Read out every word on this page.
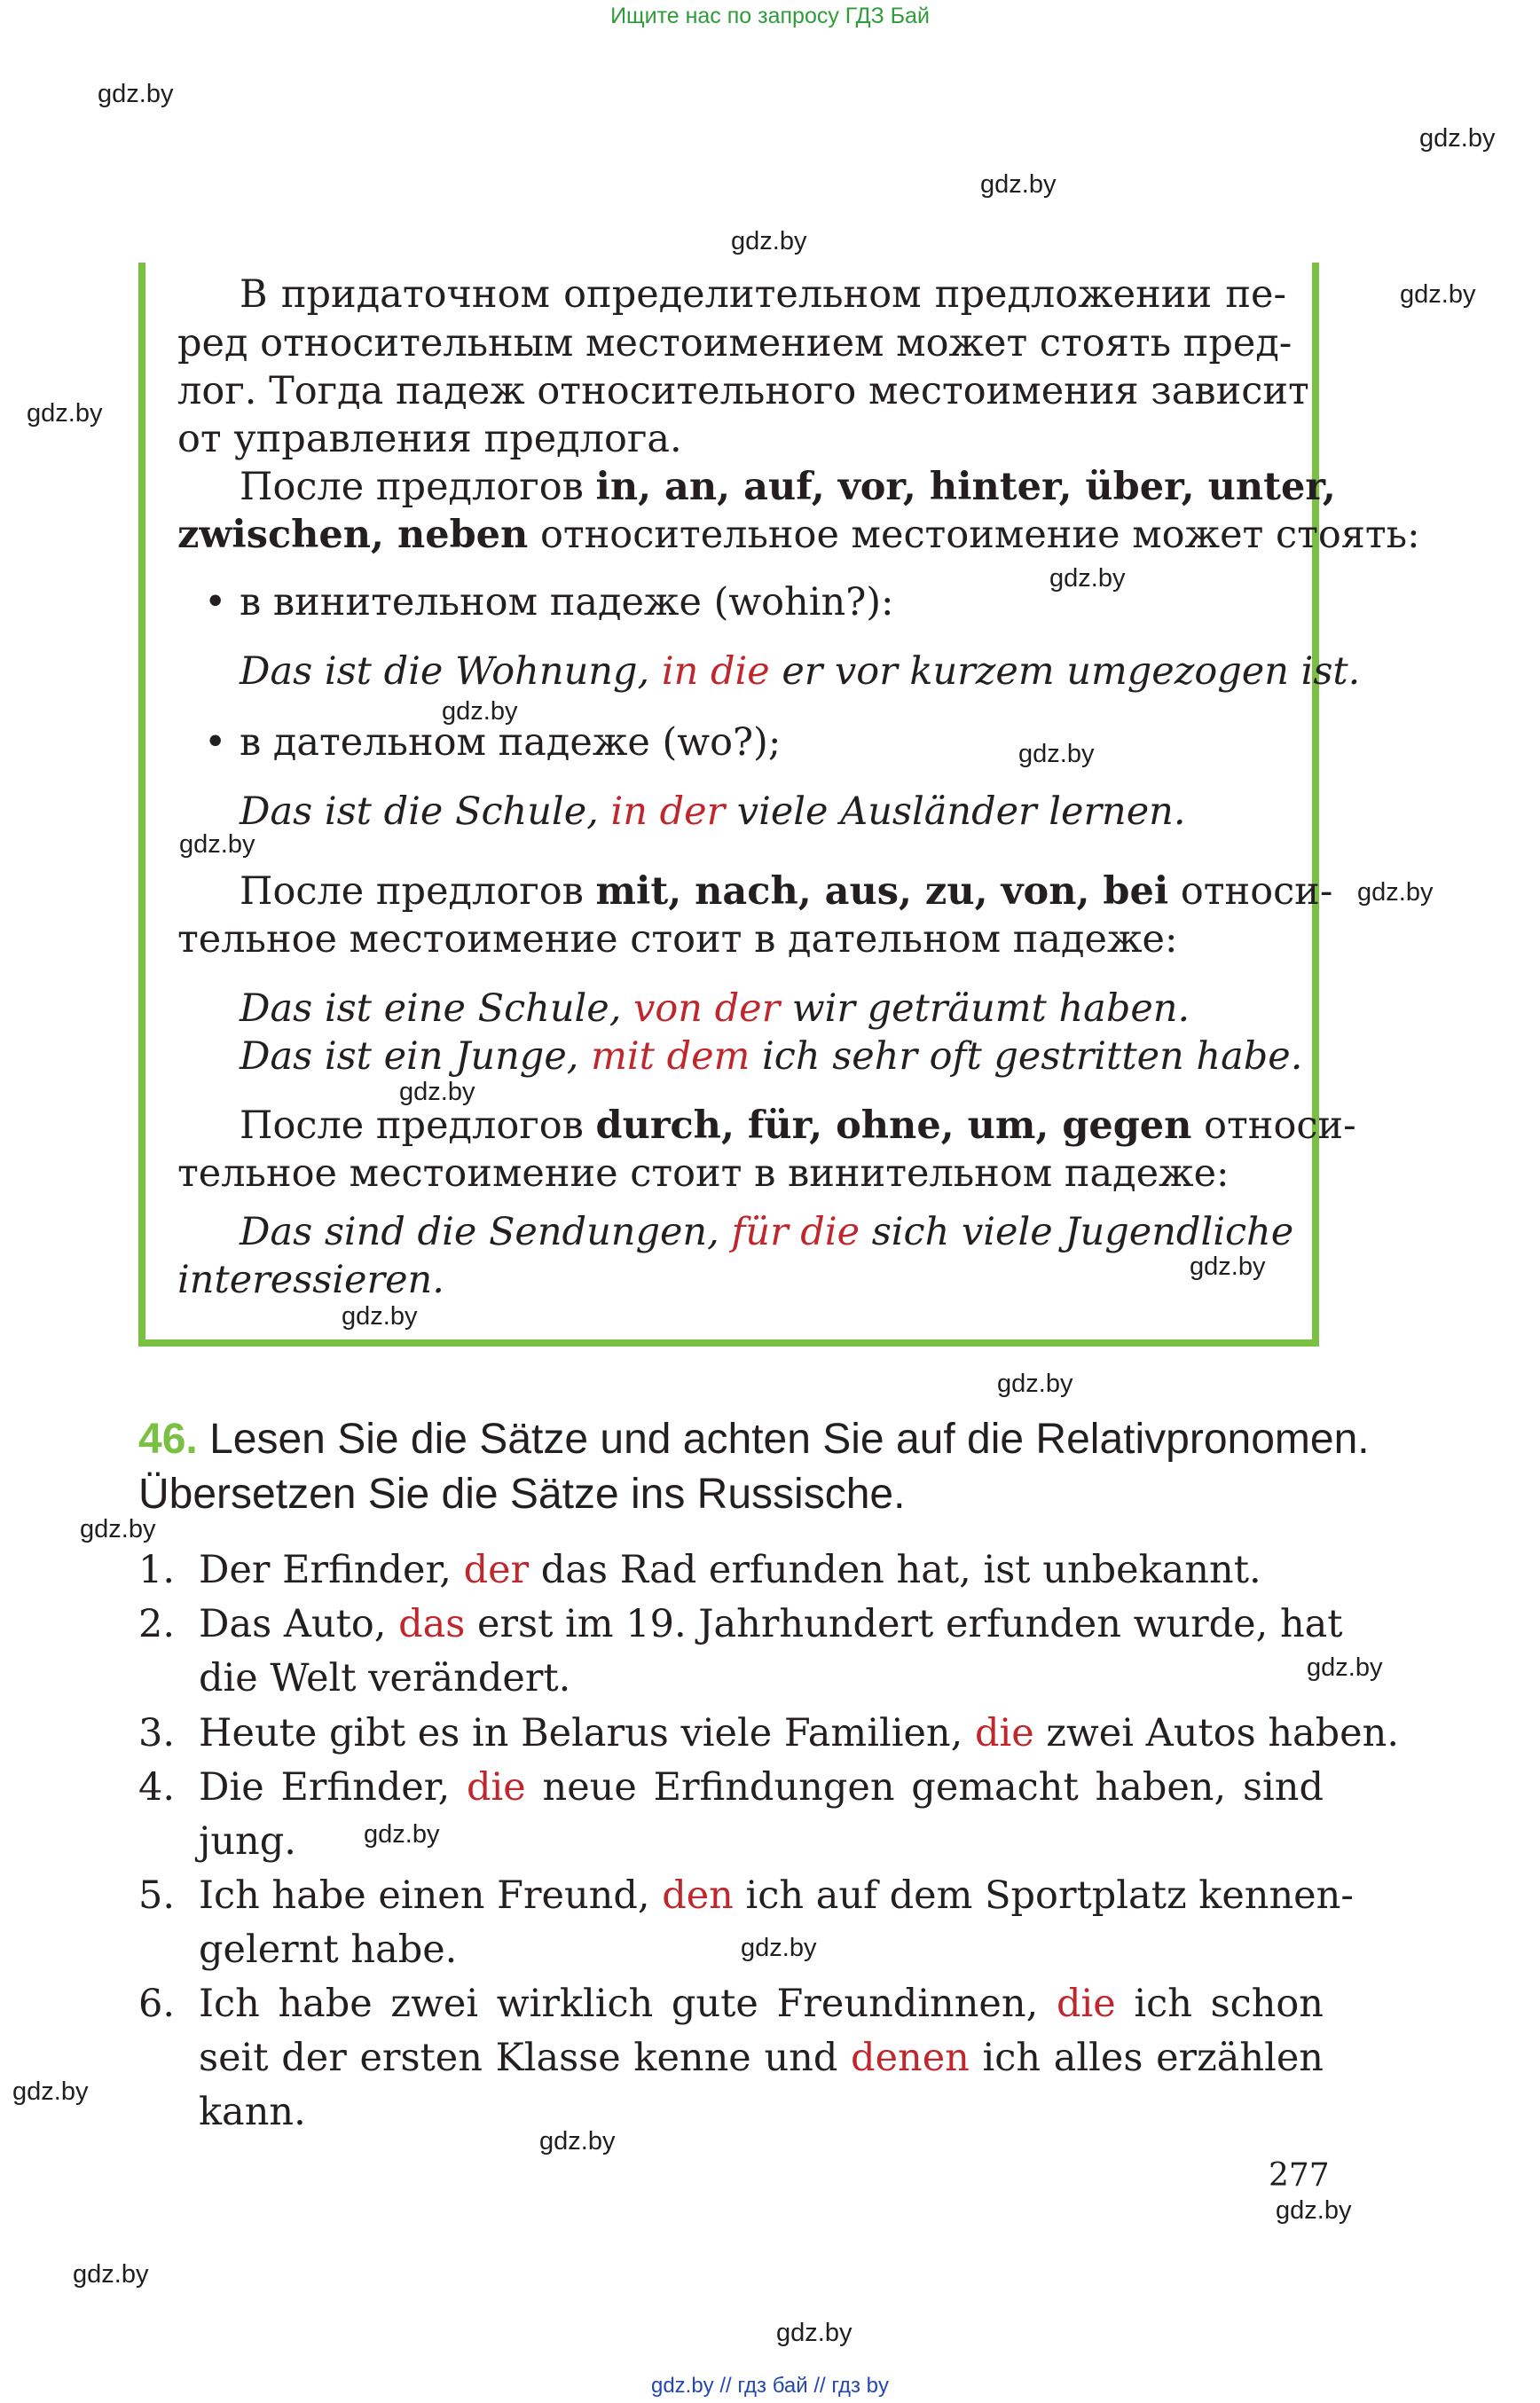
Ищите нас по запросу ГДЗ Бай
gdz.by
gdz.by
gdz.by
gdz.by
gdz.by
gdz.by
gdz.by
gdz.by
gdz.by
gdz.by
gdz.by
gdz.by
gdz.by
gdz.by
gdz.by
gdz.by
gdz.by
gdz.by
gdz.by
gdz.by
gdz.by
gdz.by
gdz.by
gdz.by
В придаточном определительном предложении пе-
ред относительным местоимением может стоять пред-
лог. Тогда падеж относительного местоимения зависит
от управления предлога.
После предлогов in, an, auf, vor, hinter, über, unter,
zwischen, neben относительное местоимение может стоять:
• в винительном падеже (wohin?):
Das ist die Wohnung, in die er vor kurzem umgezogen ist.
• в дательном падеже (wo?);
Das ist die Schule, in der viele Ausländer lernen.
После предлогов mit, nach, aus, zu, von, bei относи-
тельное местоимение стоит в дательном падеже:
Das ist eine Schule, von der wir geträumt haben.
Das ist ein Junge, mit dem ich sehr oft gestritten habe.
После предлогов durch, für, ohne, um, gegen относи-
тельное местоимение стоит в винительном падеже:
Das sind die Sendungen, für die sich viele Jugendliche
interessieren.
46. Lesen Sie die Sätze und achten Sie auf die Relativpronomen.
Übersetzen Sie die Sätze ins Russische.
1. Der Erfinder, der das Rad erfunden hat, ist unbekannt.
2. Das Auto, das erst im 19. Jahrhundert erfunden wurde, hat
die Welt verändert.
3. Heute gibt es in Belarus viele Familien, die zwei Autos haben.
4. Die Erfinder, die neue Erfindungen gemacht haben, sind
jung.
5. Ich habe einen Freund, den ich auf dem Sportplatz kennen-
gelernt habe.
6. Ich habe zwei wirklich gute Freundinnen, die ich schon
seit der ersten Klasse kenne und denen ich alles erzählen
kann.
277
gdz.by // гдз бай // гдз by
